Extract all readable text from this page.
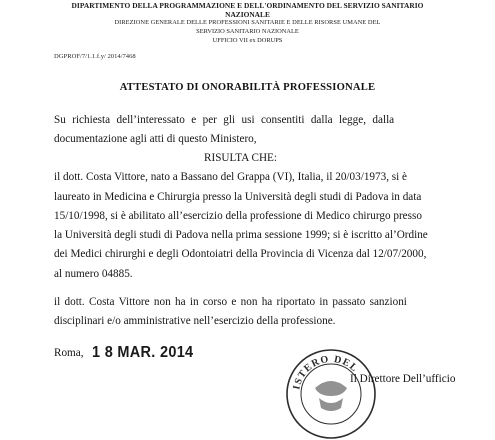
DIPARTIMENTO DELLA PROGRAMMAZIONE E DELL'ORDINAMENTO DEL SERVIZIO SANITARIO
NAZIONALE
DIREZIONE GENERALE DELLE PROFESSIONI SANITARIE E DELLE RISORSE UMANE DEL
SERVIZIO SANITARIO NAZIONALE
UFFICIO VII ex DORUPS
DGPROF/7/1.1.f.y/ 2014/7468
ATTESTATO DI ONORABILITÀ PROFESSIONALE
Su richiesta dell’interessato e per gli usi consentiti dalla legge, dalla
documentazione agli atti di questo Ministero,
RISULTA CHE:
il dott. Costa Vittore, nato a Bassano del Grappa (VI), Italia, il 20/03/1973, si è
laureato in Medicina e Chirurgia presso la Università degli studi di Padova in data
15/10/1998, si è abilitato all’esercizio della professione di Medico chirurgo presso
la Università degli studi di Padova nella prima sessione 1999; si è iscritto al’Ordine
dei Medici chirurghi e degli Odontoiatri della Provincia di Vicenza dal 12/07/2000,
al numero 04885.
il dott. Costa Vittore non ha in corso e non ha riportato in passato sanzioni
disciplinari e/o amministrative nell’esercizio della professione.
Roma, 1 8 MAR. 2014
ISTERO DEL
Il Direttore Dell’ufficio
